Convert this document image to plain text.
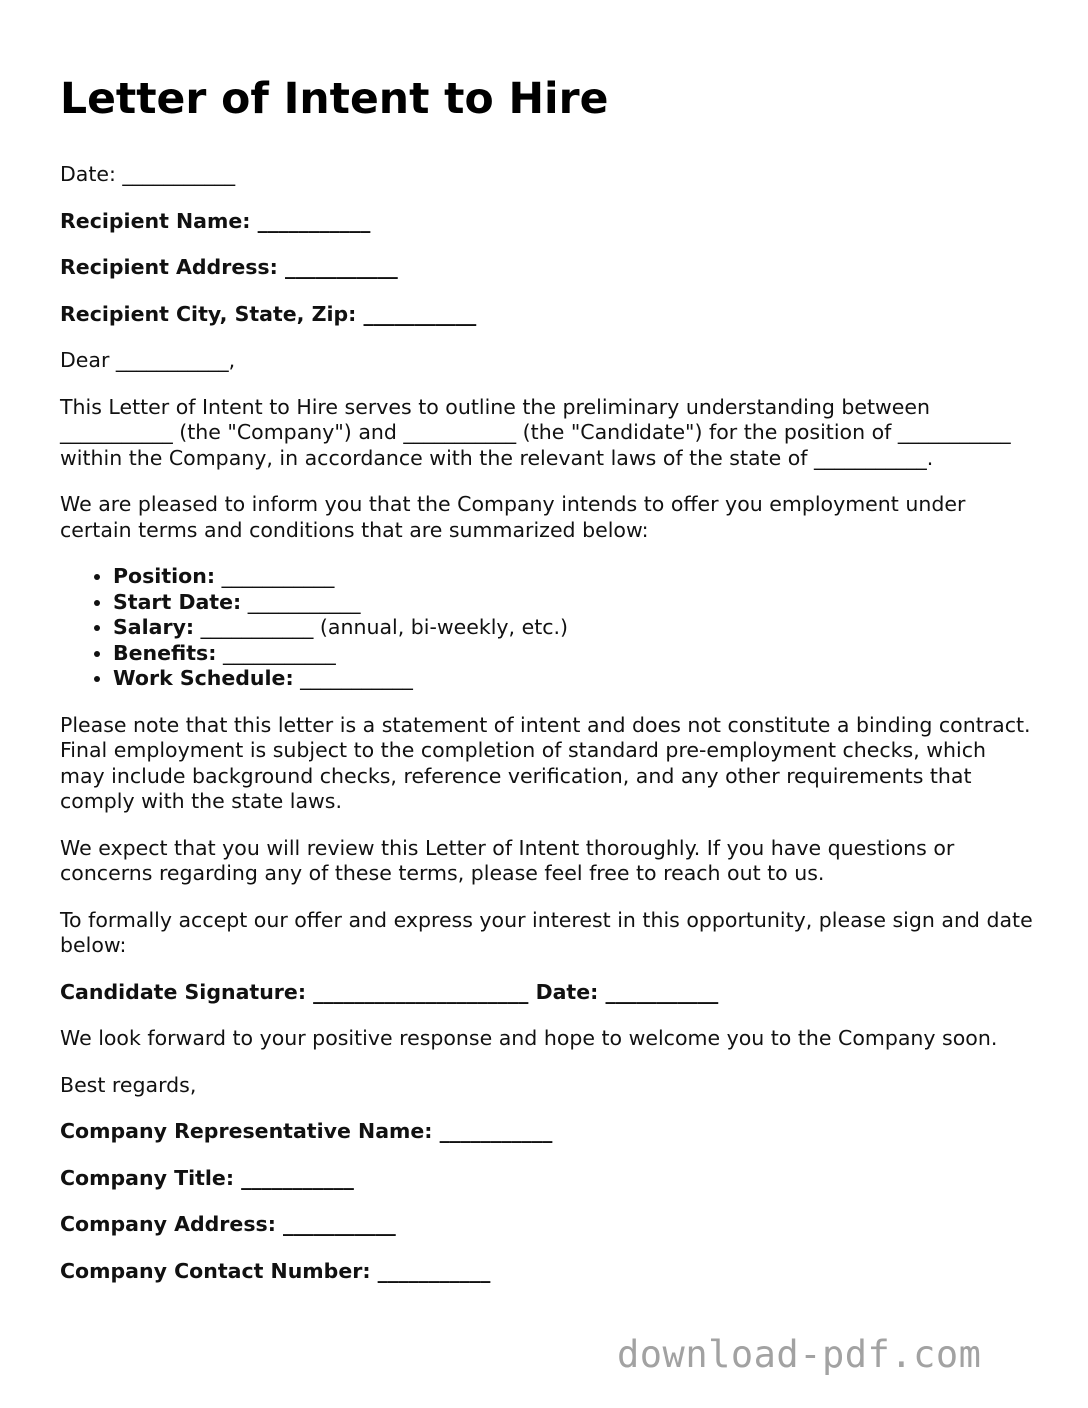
Letter of Intent to Hire

Date: ___________

Recipient Name: ___________

Recipient Address: ___________

Recipient City, State, Zip: ___________

Dear ___________,

This Letter of Intent to Hire serves to outline the preliminary understanding between ___________ (the "Company") and ___________ (the "Candidate") for the position of ___________ within the Company, in accordance with the relevant laws of the state of ___________.

We are pleased to inform you that the Company intends to offer you employment under certain terms and conditions that are summarized below:

• Position: ___________
• Start Date: ___________
• Salary: ___________ (annual, bi-weekly, etc.)
• Benefits: ___________
• Work Schedule: ___________

Please note that this letter is a statement of intent and does not constitute a binding contract. Final employment is subject to the completion of standard pre-employment checks, which may include background checks, reference verification, and any other requirements that comply with the state laws.

We expect that you will review this Letter of Intent thoroughly. If you have questions or concerns regarding any of these terms, please feel free to reach out to us.

To formally accept our offer and express your interest in this opportunity, please sign and date below:

Candidate Signature: _____________________ Date: ___________

We look forward to your positive response and hope to welcome you to the Company soon.

Best regards,

Company Representative Name: ___________

Company Title: ___________

Company Address: ___________

Company Contact Number: ___________

download-pdf.com
